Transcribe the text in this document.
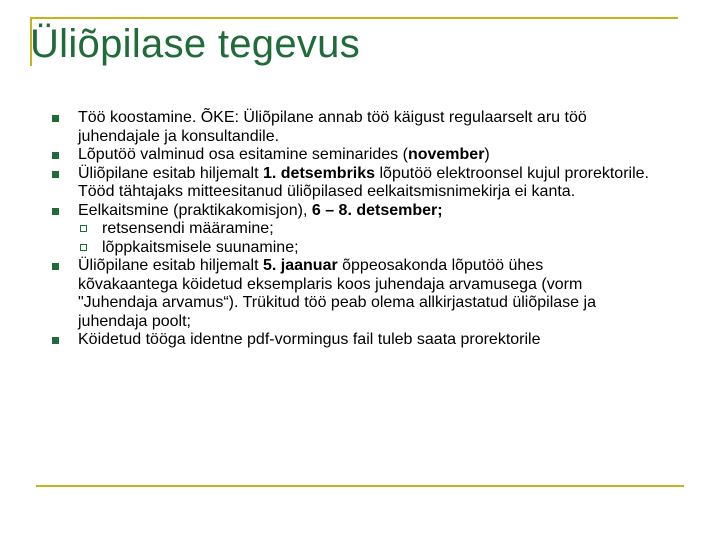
Üliõpilase tegevus
Töö koostamine. ÕKE: Üliõpilane annab töö käigust regulaarselt aru töö
juhendajale ja konsultandile.
Lõputöö valminud osa esitamine seminarides (november)
Üliõpilane esitab hiljemalt 1. detsembriks lõputöö elektroonsel kujul prorektorile.
Tööd tähtajaks mitteesitanud üliõpilased eelkaitsmisnimekirja ei kanta.
Eelkaitsmine (praktikakomisjon), 6 – 8. detsember;
retsensendi määramine;
lõppkaitsmisele suunamine;
Üliõpilane esitab hiljemalt 5. jaanuar õppeosakonda lõputöö ühes
kõvakaantega köidetud eksemplaris koos juhendaja arvamusega (vorm
"Juhendaja arvamus“). Trükitud töö peab olema allkirjastatud üliõpilase ja
juhendaja poolt;
Köidetud tööga identne pdf-vormingus fail tuleb saata prorektorile
